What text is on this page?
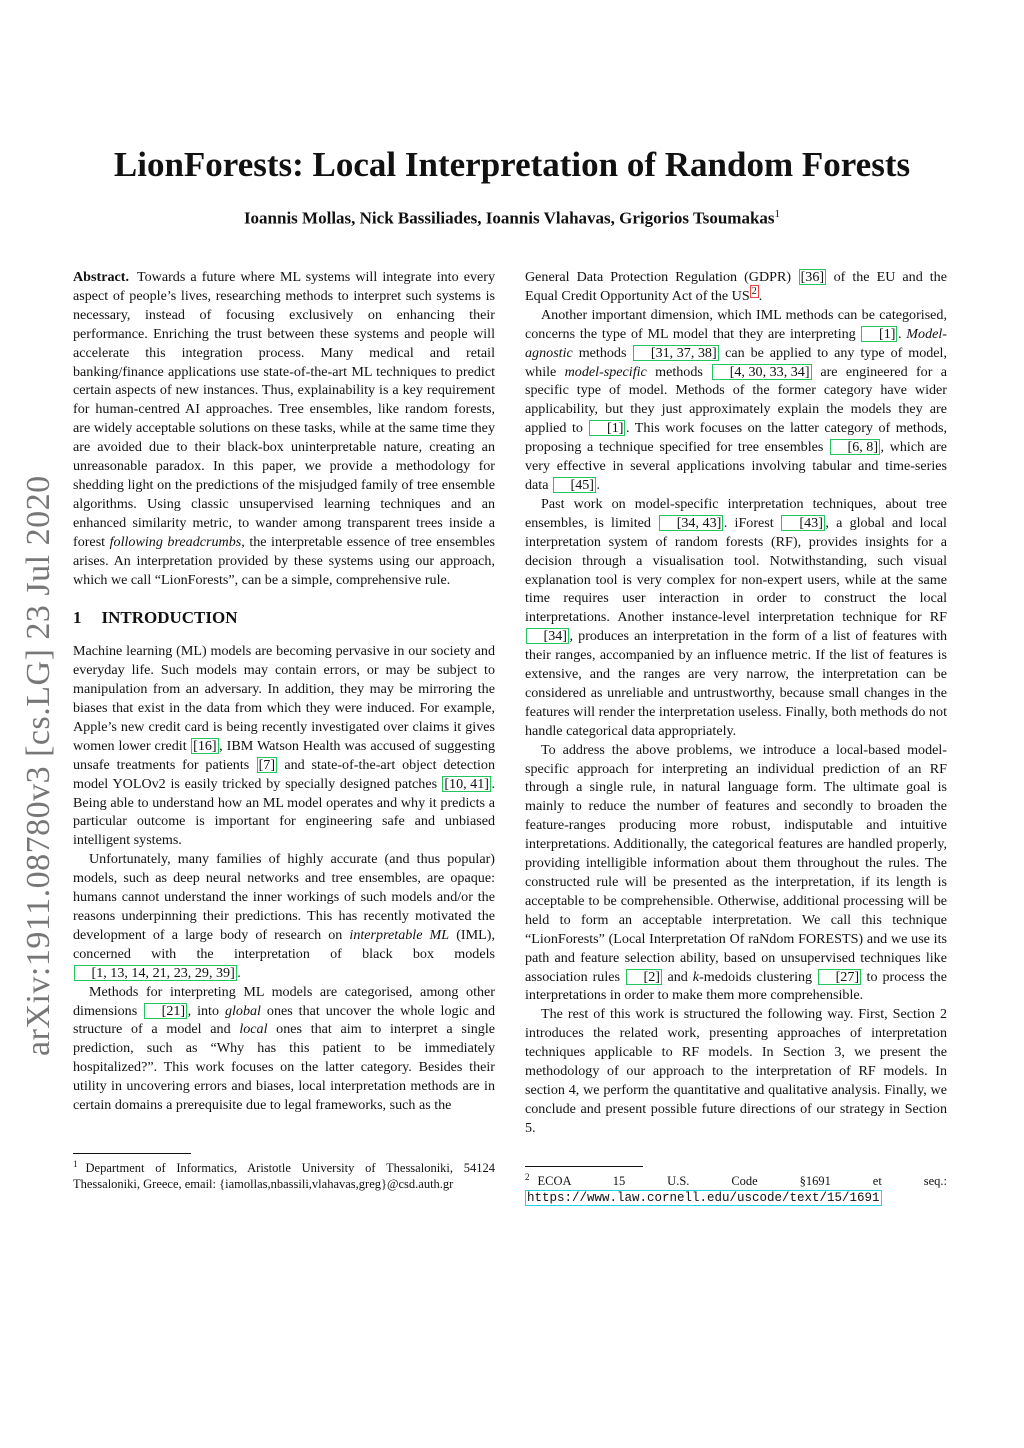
arXiv:1911.08780v3 [cs.LG] 23 Jul 2020
LionForests: Local Interpretation of Random Forests
Ioannis Mollas, Nick Bassiliades, Ioannis Vlahavas, Grigorios Tsoumakas$^1$

Abstract. Towards a future where ML systems will integrate into every aspect of people’s lives, researching methods to interpret such systems is necessary, instead of focusing exclusively on enhancing their performance. Enriching the trust between these systems and people will accelerate this integration process. Many medical and retail banking/finance applications use state-of-the-art ML techniques to predict certain aspects of new instances. Thus, explainability is a key requirement for human-centred AI approaches. Tree ensembles, like random forests, are widely acceptable solutions on these tasks, while at the same time they are avoided due to their black-box uninterpretable nature, creating an unreasonable paradox. In this paper, we provide a methodology for shedding light on the predictions of the misjudged family of tree ensemble algorithms. Using classic unsupervised learning techniques and an enhanced similarity metric, to wander among transparent trees inside a forest following breadcrumbs, the interpretable essence of tree ensembles arises. An interpretation provided by these systems using our approach, which we call “LionForests”, can be a simple, comprehensive rule.

1 INTRODUCTION

Machine learning (ML) models are becoming pervasive in our society and everyday life. Such models may contain errors, or may be subject to manipulation from an adversary. In addition, they may be mirroring the biases that exist in the data from which they were induced. For example, Apple’s new credit card is being recently investigated over claims it gives women lower credit [16] , IBM Watson Health was accused of suggesting unsafe treatments for patients [7] and state-of-the-art object detection model YOLOv2 is easily tricked by specially designed patches [10, 41] . Being able to understand how an ML model operates and why it predicts a particular outcome is important for engineering safe and unbiased intelligent systems.

Unfortunately, many families of highly accurate (and thus popular) models, such as deep neural networks and tree ensembles, are opaque: humans cannot understand the inner workings of such models and/or the reasons underpinning their predictions. This has recently motivated the development of a large body of research on interpretable ML (IML), concerned with the interpretation of black box models [1, 13, 14, 21, 23, 29, 39] .

Methods for interpreting ML models are categorised, among other dimensions [21] , into global ones that uncover the whole logic and structure of a model and local ones that aim to interpret a single prediction, such as “Why has this patient to be immediately hospitalized?”. This work focuses on the latter category. Besides their utility in uncovering errors and biases, local interpretation methods are in certain domains a prerequisite due to legal frameworks, such as the

$^1$ Department of Informatics, Aristotle University of Thessaloniki, 54124 Thessaloniki, Greece, email: {iamollas,nbassili,vlahavas,greg}@csd.auth.gr

General Data Protection Regulation (GDPR) [36] of the EU and the Equal Credit Opportunity Act of the US $^2$ .

Another important dimension, which IML methods can be categorised, concerns the type of ML model that they are interpreting [1] . Model-agnostic methods [31, 37, 38] can be applied to any type of model, while model-specific methods [4, 30, 33, 34] are engineered for a specific type of model. Methods of the former category have wider applicability, but they just approximately explain the models they are applied to [1] . This work focuses on the latter category of methods, proposing a technique specified for tree ensembles [6, 8] , which are very effective in several applications involving tabular and time-series data [45] .

Past work on model-specific interpretation techniques, about tree ensembles, is limited [34, 43] . iForest [43] , a global and local interpretation system of random forests (RF), provides insights for a decision through a visualisation tool. Notwithstanding, such visual explanation tool is very complex for non-expert users, while at the same time requires user interaction in order to construct the local interpretations. Another instance-level interpretation technique for RF [34] , produces an interpretation in the form of a list of features with their ranges, accompanied by an influence metric. If the list of features is extensive, and the ranges are very narrow, the interpretation can be considered as unreliable and untrustworthy, because small changes in the features will render the interpretation useless. Finally, both methods do not handle categorical data appropriately.

To address the above problems, we introduce a local-based model-specific approach for interpreting an individual prediction of an RF through a single rule, in natural language form. The ultimate goal is mainly to reduce the number of features and secondly to broaden the feature-ranges producing more robust, indisputable and intuitive interpretations. Additionally, the categorical features are handled properly, providing intelligible information about them throughout the rules. The constructed rule will be presented as the interpretation, if its length is acceptable to be comprehensible. Otherwise, additional processing will be held to form an acceptable interpretation. We call this technique “LionForests” (Local Interpretation Of raNdom FORESTS) and we use its path and feature selection ability, based on unsupervised techniques like association rules [2] and k-medoids clustering [27] to process the interpretations in order to make them more comprehensible.

The rest of this work is structured the following way. First, Section 2 introduces the related work, presenting approaches of interpretation techniques applicable to RF models. In Section 3, we present the methodology of our approach to the interpretation of RF models. In section 4, we perform the quantitative and qualitative analysis. Finally, we conclude and present possible future directions of our strategy in Section 5.

$^2$ ECOA 15 U.S. Code §1691 et seq.: https://www.law.cornell.edu/uscode/text/15/1691
